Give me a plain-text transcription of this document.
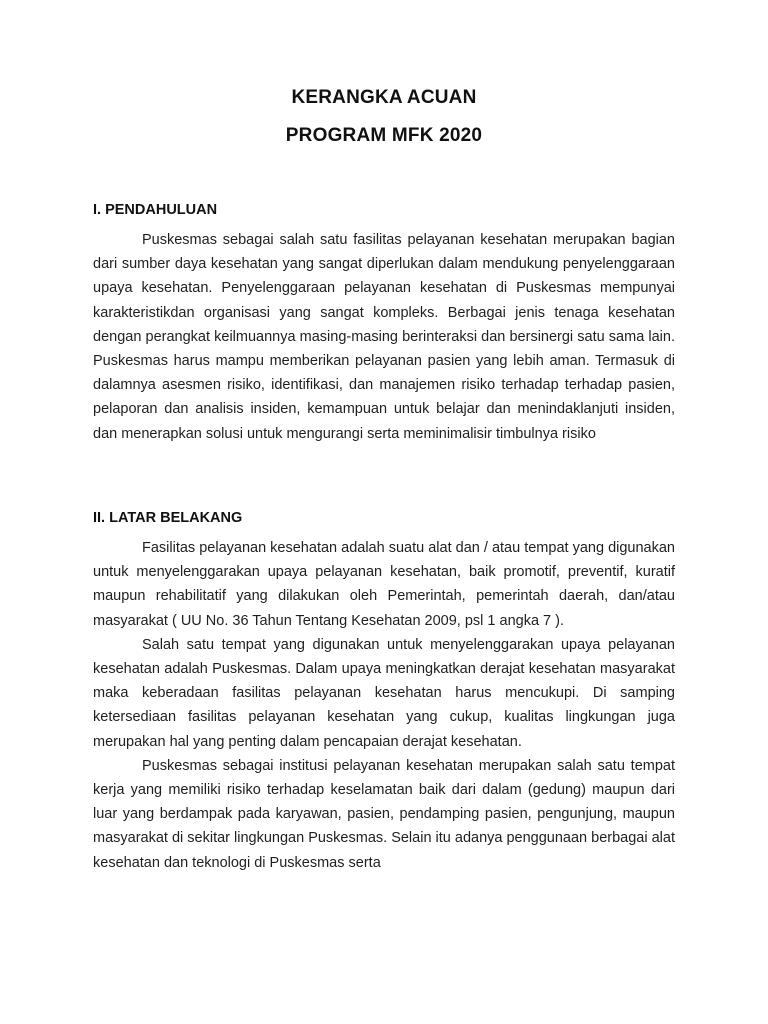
KERANGKA ACUAN
PROGRAM MFK 2020
I. PENDAHULUAN

Puskesmas sebagai salah satu fasilitas pelayanan kesehatan merupakan bagian dari sumber daya kesehatan yang sangat diperlukan dalam mendukung penyelenggaraan upaya kesehatan. Penyelenggaraan pelayanan kesehatan di Puskesmas mempunyai karakteristikdan organisasi yang sangat kompleks. Berbagai jenis tenaga kesehatan dengan perangkat keilmuannya masing-masing berinteraksi dan bersinergi satu sama lain. Puskesmas harus mampu memberikan pelayanan pasien yang lebih aman. Termasuk di dalamnya asesmen risiko, identifikasi, dan manajemen risiko terhadap terhadap pasien, pelaporan dan analisis insiden, kemampuan untuk belajar dan menindaklanjuti insiden, dan menerapkan solusi untuk mengurangi serta meminimalisir timbulnya risiko

II. LATAR BELAKANG

Fasilitas pelayanan kesehatan adalah suatu alat dan / atau tempat yang digunakan untuk menyelenggarakan upaya pelayanan kesehatan, baik promotif, preventif, kuratif maupun rehabilitatif yang dilakukan oleh Pemerintah, pemerintah daerah, dan/atau masyarakat ( UU No. 36 Tahun Tentang Kesehatan 2009, psl 1 angka 7 ).

Salah satu tempat yang digunakan untuk menyelenggarakan upaya pelayanan kesehatan adalah Puskesmas. Dalam upaya meningkatkan derajat kesehatan masyarakat maka keberadaan fasilitas pelayanan kesehatan harus mencukupi. Di samping ketersediaan fasilitas pelayanan kesehatan yang cukup, kualitas lingkungan juga merupakan hal yang penting dalam pencapaian derajat kesehatan.

Puskesmas sebagai institusi pelayanan kesehatan merupakan salah satu tempat kerja yang memiliki risiko terhadap keselamatan baik dari dalam (gedung) maupun dari luar yang berdampak pada karyawan, pasien, pendamping pasien, pengunjung, maupun masyarakat di sekitar lingkungan Puskesmas. Selain itu adanya penggunaan berbagai alat kesehatan dan teknologi di Puskesmas serta
